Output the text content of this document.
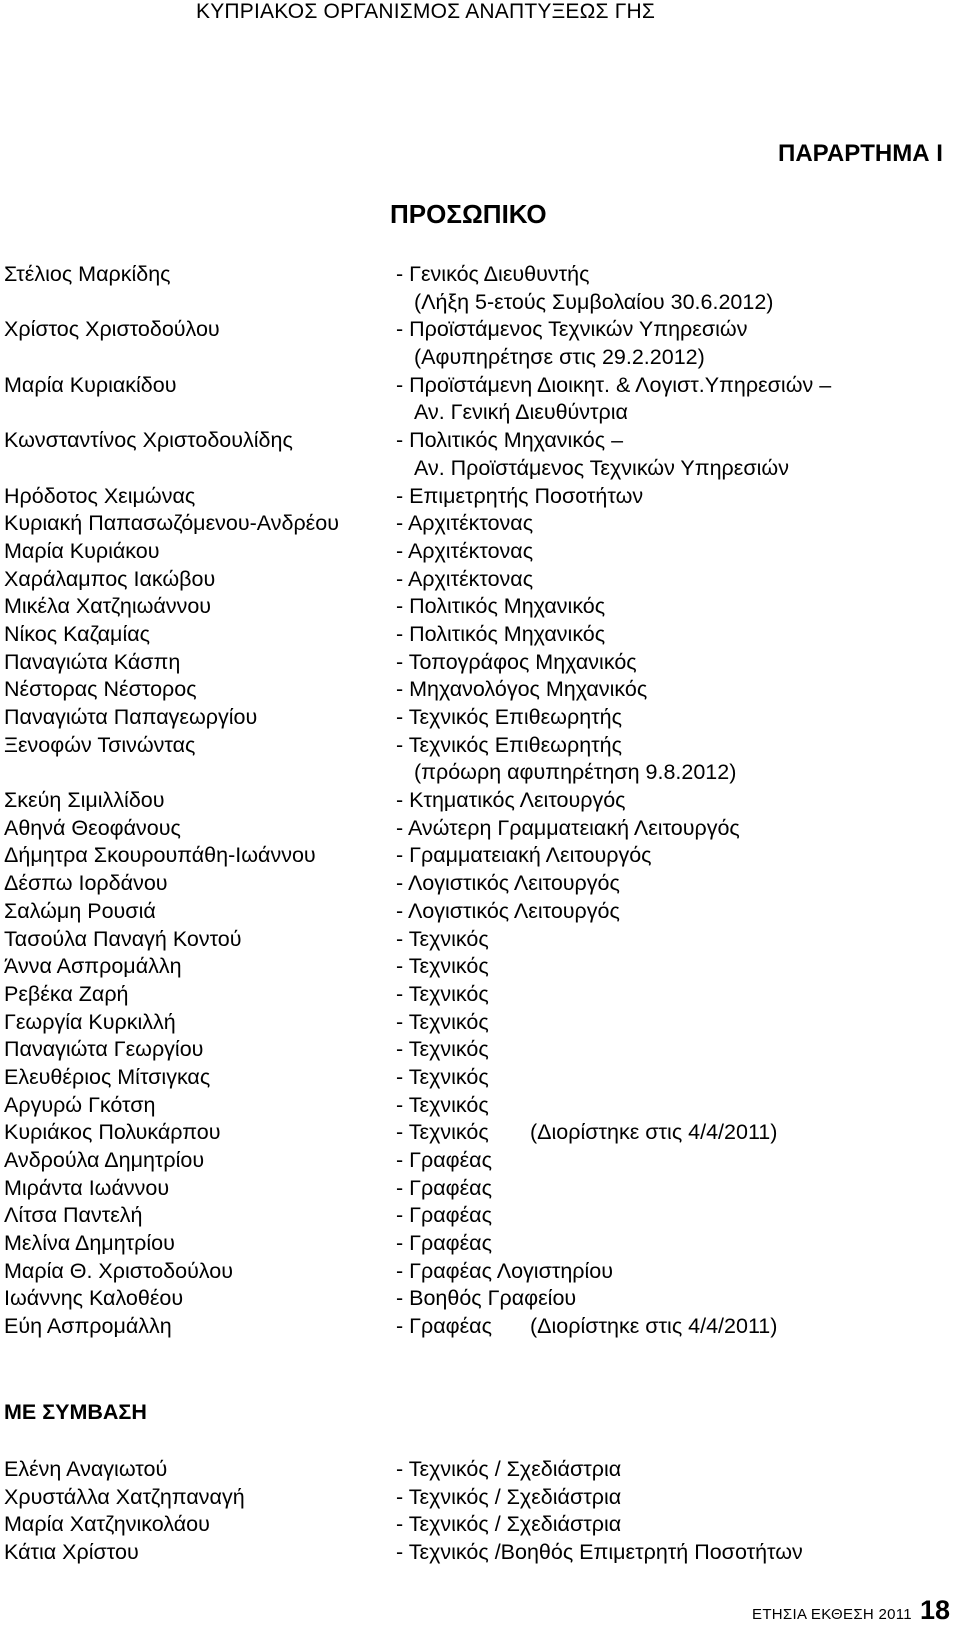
ΚΥΠΡΙΑΚΟΣ ΟΡΓΑΝΙΣΜΟΣ ΑΝΑΠΤΥΞΕΩΣ ΓΗΣ
ΠΑΡΑΡΤΗΜΑ Ι
ΠΡΟΣΩΠΙΚΟ
Στέλιος Μαρκίδης	- Γενικός Διευθυντής
(Λήξη 5-ετούς Συμβολαίου 30.6.2012)
Χρίστος Χριστοδούλου	- Προϊστάμενος Τεχνικών Υπηρεσιών
(Αφυπηρέτησε στις 29.2.2012)
Μαρία Κυριακίδου	- Προϊστάμενη Διοικητ. & Λογιστ.Υπηρεσιών –
Αν. Γενική Διευθύντρια
Κωνσταντίνος Χριστοδουλίδης	- Πολιτικός Μηχανικός –
Αν. Προϊστάμενος Τεχνικών Υπηρεσιών
Ηρόδοτος Χειμώνας	- Επιμετρητής Ποσοτήτων
Κυριακή Παπασωζόμενου-Ανδρέου	- Αρχιτέκτονας
Μαρία Κυριάκου	- Αρχιτέκτονας
Χαράλαμπος Ιακώβου	- Αρχιτέκτονας
Μικέλα Χατζηιωάννου	- Πολιτικός Μηχανικός
Νίκος Καζαμίας	- Πολιτικός Μηχανικός
Παναγιώτα Κάσπη	- Τοπογράφος Μηχανικός
Νέστορας Νέστορος	- Μηχανολόγος Μηχανικός
Παναγιώτα Παπαγεωργίου	- Τεχνικός Επιθεωρητής
Ξενοφών Τσινώντας	- Τεχνικός Επιθεωρητής
(πρόωρη αφυπηρέτηση 9.8.2012)
Σκεύη Σιμιλλίδου	- Κτηματικός Λειτουργός
Αθηνά Θεοφάνους	- Ανώτερη Γραμματειακή Λειτουργός
Δήμητρα Σκουρουπάθη-Ιωάννου	- Γραμματειακή Λειτουργός
Δέσπω Ιορδάνου	- Λογιστικός Λειτουργός
Σαλώμη Ρουσιά	- Λογιστικός Λειτουργός
Τασούλα Παναγή Κοντού	- Τεχνικός
Άννα Ασπρομάλλη	- Τεχνικός
Ρεβέκα Ζαρή	- Τεχνικός
Γεωργία Κυρκιλλή	- Τεχνικός
Παναγιώτα Γεωργίου	- Τεχνικός
Ελευθέριος Μίτσιγκας	- Τεχνικός
Αργυρώ Γκότση	- Τεχνικός
Κυριάκος Πολυκάρπου	- Τεχνικός (Διορίστηκε στις 4/4/2011)
Ανδρούλα Δημητρίου	- Γραφέας
Μιράντα Ιωάννου	- Γραφέας
Λίτσα Παντελή	- Γραφέας
Μελίνα Δημητρίου	- Γραφέας
Μαρία Θ. Χριστοδούλου	- Γραφέας Λογιστηρίου
Ιωάννης Καλοθέου	- Βοηθός Γραφείου
Εύη Ασπρομάλλη	- Γραφέας (Διορίστηκε στις 4/4/2011)
ΜΕ ΣΥΜΒΑΣΗ
Ελένη Αναγιωτού	- Τεχνικός / Σχεδιάστρια
Χρυστάλλα Χατζηπαναγή	- Τεχνικός / Σχεδιάστρια
Μαρία Χατζηνικολάου	- Τεχνικός / Σχεδιάστρια
Κάτια Χρίστου	- Τεχνικός /Βοηθός Επιμετρητή Ποσοτήτων
ΕΤΗΣΙΑ ΕΚΘΕΣΗ 2011 18
